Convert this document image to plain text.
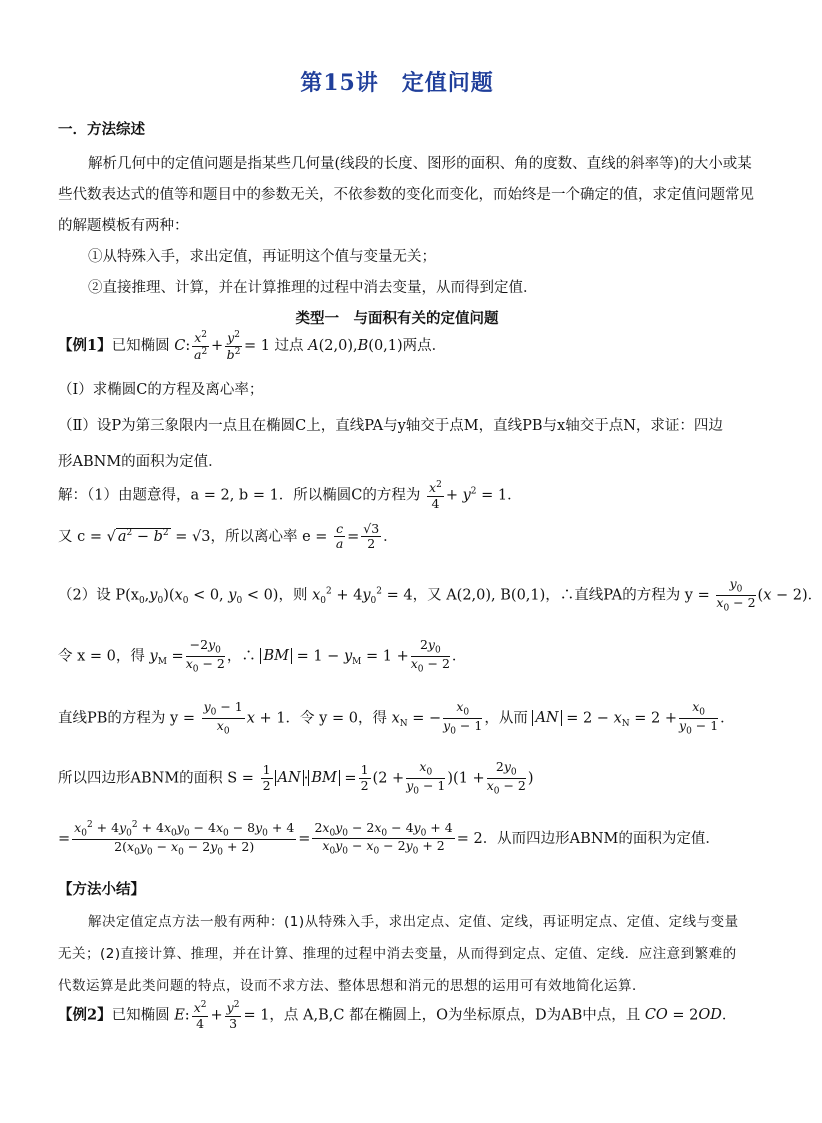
第15讲　定值问题
一．方法综述
解析几何中的定值问题是指某些几何量(线段的长度、图形的面积、角的度数、直线的斜率等)的大小或某
些代数表达式的值等和题目中的参数无关，不依参数的变化而变化，而始终是一个确定的值，求定值问题常见
的解题模板有两种：
①从特殊入手，求出定值，再证明这个值与变量无关；
②直接推理、计算，并在计算推理的过程中消去变量，从而得到定值．
类型一　与面积有关的定值问题
【例1】已知椭圆 C: $\frac{x^2}{a^2} + \frac{y^2}{b^2} = 1$ 过点 A(2,0),B(0,1)两点．
（I）求椭圆C的方程及离心率；
（Ⅱ）设P为第三象限内一点且在椭圆C上，直线PA与y轴交于点M，直线PB与x轴交于点N，求证：四边
形ABNM的面积为定值．
解：（1）由题意得，a = 2, b = 1．所以椭圆C的方程为 $\frac{x^2}{4} + y^2 = 1$．
又 c = √ $a^2 - b^2 = √3$，所以离心率 $e = \frac{c}{a} = \frac{√3}{2}$ ．
（2）设 $P(x_0,y_0)(x_0 < 0$, $y_0 < 0$)，则 $x_0^2 + 4y_0^2 = 4$，又 A(2,0), B(0,1)，∴直线PA的方程为 $y = \frac{y_0}{x_0 - 2} (x - 2)$．
令 x = 0，得 $y_M = \frac{-2y_0}{x_0 - 2}$ ，∴ BM = $1 - y_M = 1 + \frac{2y_0}{x_0 - 2}$ ．
直线PB的方程为 $y = \frac{y_0 - 1}{x_0}$ x + 1．令 y = 0，得 $x_N$ = − $\frac{x_0}{y_0 - 1}$ ，从而 AN = $2 - x_N = 2 + \frac{x_0}{y_0 - 1}$ ．
所以四边形ABNM的面积 $S = \frac{1}{2}$ AN · BM = $\frac{1}{2} (2 + \frac{x_0}{y_0 - 1} )(1 + \frac{2y_0}{x_0 - 2}$ )
= $\frac{x_0^2 + 4y_0^2 + 4x_0y_0 - 4x_0 - 8y_0 + 4}{2(x_0y_0 - x_0 - 2y_0 + 2)} = \frac{2x_0y_0 - 2x_0 - 4y_0 + 4}{x_0y_0 - x_0 - 2y_0 + 2} = 2$．从而四边形ABNM的面积为定值．
【方法小结】
解决定值定点方法一般有两种：(1)从特殊入手，求出定点、定值、定线，再证明定点、定值、定线与变量
无关；(2)直接计算、推理，并在计算、推理的过程中消去变量，从而得到定点、定值、定线．应注意到繁难的
代数运算是此类问题的特点，设而不求方法、整体思想和消元的思想的运用可有效地简化运算．
【例2】已知椭圆 E: $\frac{x^2}{4} + \frac{y^2}{3} = 1$，点 A,B,C 都在椭圆上，O为坐标原点，D为AB中点，且 CO = 2OD．
